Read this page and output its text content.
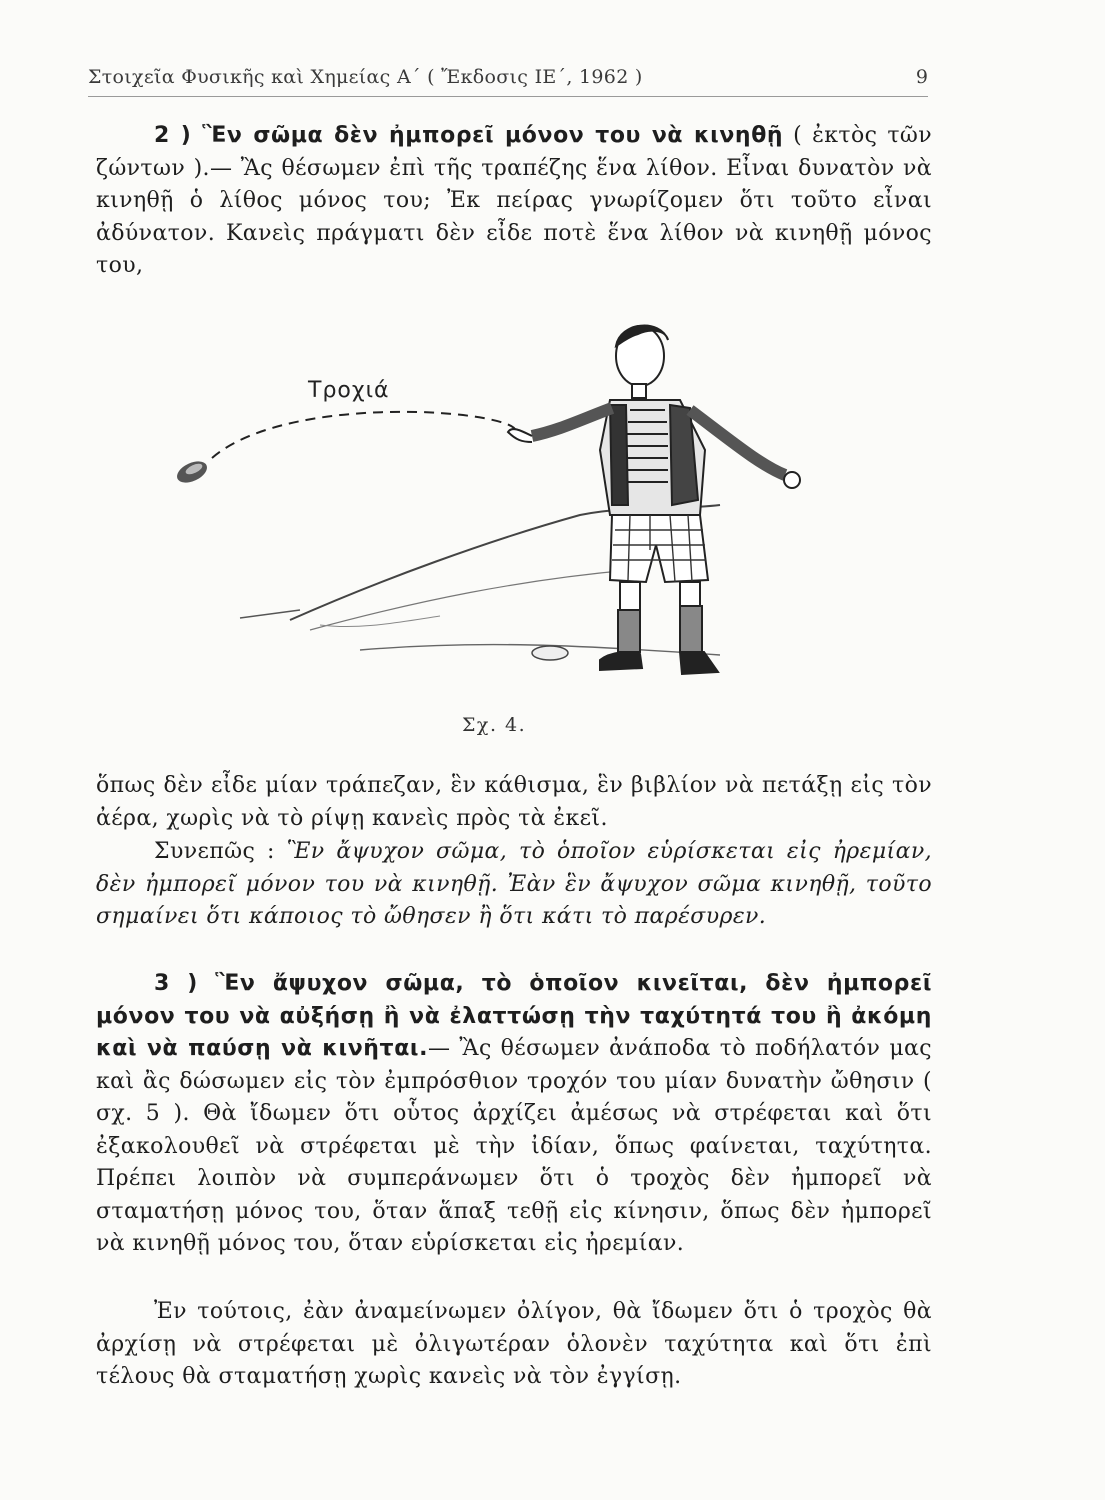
Στοιχεῖα Φυσικῆς καὶ Χημείας Α΄ ( Ἔκδοσις ΙΕ΄, 1962 )	9
2 ) Ἓν σῶμα δὲν ἠμπορεῖ μόνον του νὰ κινηθῇ ( ἐκτὸς τῶν ζώντων ).— Ἂς θέσωμεν ἐπὶ τῆς τραπέζης ἕνα λίθον. Εἶναι δυνατὸν νὰ κινηθῇ ὁ λίθος μόνος του; Ἐκ πείρας γνωρίζομεν ὅτι τοῦτο εἶναι ἀδύνατον. Κανεὶς πράγματι δὲν εἶδε ποτὲ ἕνα λίθον νὰ κινηθῇ μόνος του,
Τροχιά
Σχ. 4.
ὅπως δὲν εἶδε μίαν τράπεζαν, ἓν κάθισμα, ἓν βιβλίον νὰ πετάξῃ εἰς τὸν ἀέρα, χωρὶς νὰ τὸ ρίψῃ κανεὶς πρὸς τὰ ἐκεῖ.
Συνεπῶς : Ἓν ἄψυχον σῶμα, τὸ ὁποῖον εὑρίσκεται εἰς ἠρεμίαν, δὲν ἠμπορεῖ μόνον του νὰ κινηθῇ. Ἐὰν ἓν ἄψυχον σῶμα κινηθῇ, τοῦτο σημαίνει ὅτι κάποιος τὸ ὤθησεν ἢ ὅτι κάτι τὸ παρέσυρεν.
3 ) Ἓν ἄψυχον σῶμα, τὸ ὁποῖον κινεῖται, δὲν ἠμπορεῖ μόνον του νὰ αὐξήσῃ ἢ νὰ ἐλαττώσῃ τὴν ταχύτητά του ἢ ἀκόμη καὶ νὰ παύσῃ νὰ κινῆται.— Ἂς θέσωμεν ἀνάποδα τὸ ποδήλατόν μας καὶ ἂς δώσωμεν εἰς τὸν ἐμπρόσθιον τροχόν του μίαν δυνατὴν ὤθησιν ( σχ. 5 ). Θὰ ἴδωμεν ὅτι οὗτος ἀρχίζει ἀμέσως νὰ στρέφεται καὶ ὅτι ἐξακολουθεῖ νὰ στρέφεται μὲ τὴν ἰδίαν, ὅπως φαίνεται, ταχύτητα. Πρέπει λοιπὸν νὰ συμπεράνωμεν ὅτι ὁ τροχὸς δὲν ἠμπορεῖ νὰ σταματήσῃ μόνος του, ὅταν ἅπαξ τεθῇ εἰς κίνησιν, ὅπως δὲν ἠμπορεῖ νὰ κινηθῇ μόνος του, ὅταν εὑρίσκεται εἰς ἠρεμίαν.
Ἐν τούτοις, ἐὰν ἀναμείνωμεν ὀλίγον, θὰ ἴδωμεν ὅτι ὁ τροχὸς θὰ ἀρχίσῃ νὰ στρέφεται μὲ ὀλιγωτέραν ὁλονὲν ταχύτητα καὶ ὅτι ἐπὶ τέλους θὰ σταματήσῃ χωρὶς κανεὶς νὰ τὸν ἐγγίσῃ.
